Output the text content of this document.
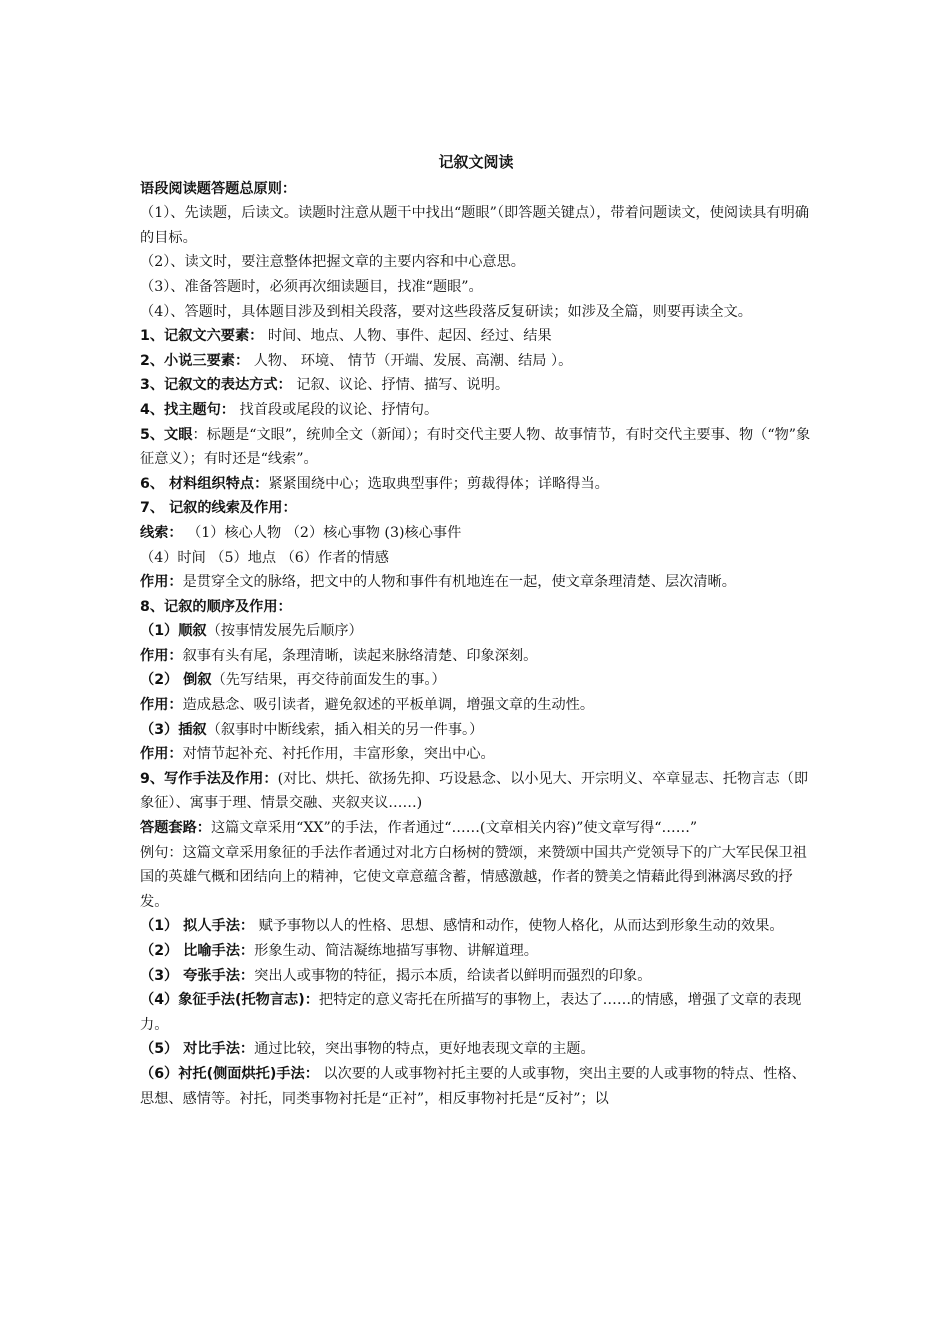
记叙文阅读
语段阅读题答题总原则：
（1）、先读题，后读文。读题时注意从题干中找出“题眼”（即答题关键点），带着问题读文，使阅读具有明确的目标。
（2）、读文时，要注意整体把握文章的主要内容和中心意思。
（3）、准备答题时，必须再次细读题目，找准“题眼”。
（4）、答题时，具体题目涉及到相关段落，要对这些段落反复研读；如涉及全篇，则要再读全文。
1、记叙文六要素： 时间、地点、人物、事件、起因、经过、结果
2、小说三要素： 人物、 环境、 情节（开端、发展、高潮、结局 ）。
3、记叙文的表达方式： 记叙、议论、抒情、描写、说明。
4、找主题句： 找首段或尾段的议论、抒情句。
5、文眼：标题是“文眼”，统帅全文（新闻）；有时交代主要人物、故事情节，有时交代主要事、物（“物”象征意义）；有时还是“线索”。
6、 材料组织特点：紧紧围绕中心；选取典型事件；剪裁得体；详略得当。
7、 记叙的线索及作用：
线索： （1）核心人物 （2）核心事物 (3)核心事件
（4）时间 （5）地点 （6）作者的情感
作用：是贯穿全文的脉络，把文中的人物和事件有机地连在一起，使文章条理清楚、层次清晰。
8、记叙的顺序及作用：
（1）顺叙（按事情发展先后顺序）
作用：叙事有头有尾，条理清晰，读起来脉络清楚、印象深刻。
（2） 倒叙（先写结果，再交待前面发生的事。）
作用：造成悬念、吸引读者，避免叙述的平板单调，增强文章的生动性。
（3）插叙（叙事时中断线索，插入相关的另一件事。）
作用：对情节起补充、衬托作用，丰富形象，突出中心。
9、写作手法及作用：(对比、烘托、欲扬先抑、巧设悬念、以小见大、开宗明义、卒章显志、托物言志（即象征）、寓事于理、情景交融、夹叙夹议……)
答题套路：这篇文章采用“XX”的手法，作者通过“……(文章相关内容)”使文章写得“……”
例句：这篇文章采用象征的手法作者通过对北方白杨树的赞颂，来赞颂中国共产党领导下的广大军民保卫祖国的英雄气概和团结向上的精神，它使文章意蕴含蓄，情感激越，作者的赞美之情藉此得到淋漓尽致的抒发。
（1） 拟人手法： 赋予事物以人的性格、思想、感情和动作，使物人格化，从而达到形象生动的效果。
（2） 比喻手法：形象生动、简洁凝练地描写事物、讲解道理。
（3） 夸张手法：突出人或事物的特征，揭示本质，给读者以鲜明而强烈的印象。
（4）象征手法(托物言志)：把特定的意义寄托在所描写的事物上，表达了……的情感，增强了文章的表现力。
（5） 对比手法：通过比较，突出事物的特点，更好地表现文章的主题。
（6）衬托(侧面烘托)手法： 以次要的人或事物衬托主要的人或事物，突出主要的人或事物的特点、性格、思想、感情等。衬托，同类事物衬托是“正衬”，相反事物衬托是“反衬”；以
